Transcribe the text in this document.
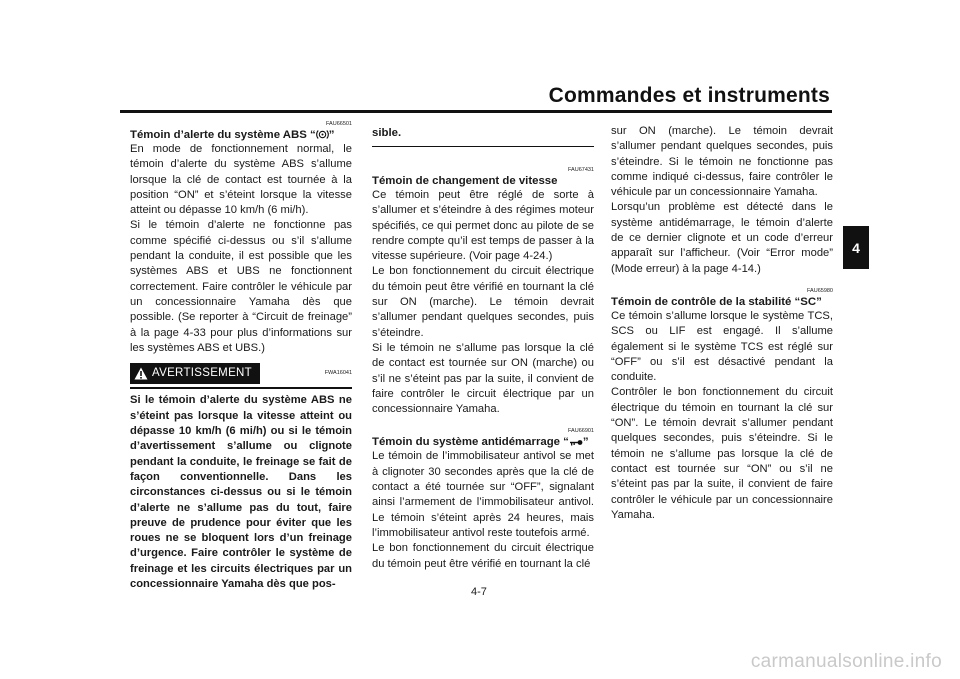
Commandes et instruments
4
FAU66501
Témoin d’alerte du système ABS “ ”

En mode de fonctionnement normal, le témoin d’alerte du système ABS s’allume lorsque la clé de contact est tournée à la position “ON” et s’éteint lorsque la vitesse atteint ou dépasse 10 km/h (6 mi/h).

Si le témoin d’alerte ne fonctionne pas comme spécifié ci-dessus ou s’il s’allume pendant la conduite, il est possible que les systèmes ABS et UBS ne fonctionnent correctement. Faire contrôler le véhicule par un concessionnaire Yamaha dès que possible. (Se reporter à “Circuit de freinage” à la page 4-33 pour plus d’informations sur les systèmes ABS et UBS.)

AVERTISSEMENT	FWA16041

Si le témoin d’alerte du système ABS ne s’éteint pas lorsque la vitesse atteint ou dépasse 10 km/h (6 mi/h) ou si le témoin d’avertissement s’allume ou clignote pendant la conduite, le freinage se fait de façon conventionnelle. Dans les circonstances ci-dessus ou si le témoin d’alerte ne s’allume pas du tout, faire preuve de prudence pour éviter que les roues ne se bloquent lors d’un freinage d’urgence. Faire contrôler le système de freinage et les circuits électriques par un concessionnaire Yamaha dès que pos-

sible.
FAU67431
Témoin de changement de vitesse

Ce témoin peut être réglé de sorte à s’allumer et s’éteindre à des régimes moteur spécifiés, ce qui permet donc au pilote de se rendre compte qu’il est temps de passer à la vitesse supérieure. (Voir page 4-24.)

Le bon fonctionnement du circuit électrique du témoin peut être vérifié en tournant la clé sur ON (marche). Le témoin devrait s’allumer pendant quelques secondes, puis s’éteindre.

Si le témoin ne s’allume pas lorsque la clé de contact est tournée sur ON (marche) ou s’il ne s’éteint pas par la suite, il convient de faire contrôler le circuit électrique par un concessionnaire Yamaha.

FAU66901
Témoin du système antidémarrage “ ”

Le témoin de l’immobilisateur antivol se met à clignoter 30 secondes après que la clé de contact a été tournée sur “OFF”, signalant ainsi l’armement de l’immobilisateur antivol. Le témoin s’éteint après 24 heures, mais l’immobilisateur antivol reste toutefois armé.

Le bon fonctionnement du circuit électrique du témoin peut être vérifié en tournant la clé

sur ON (marche). Le témoin devrait s’allumer pendant quelques secondes, puis s’éteindre. Si le témoin ne fonctionne pas comme indiqué ci-dessus, faire contrôler le véhicule par un concessionnaire Yamaha.

Lorsqu’un problème est détecté dans le système antidémarrage, le témoin d’alerte de ce dernier clignote et un code d’erreur apparaît sur l’afficheur. (Voir “Error mode” (Mode erreur) à la page 4-14.)

FAU65980
Témoin de contrôle de la stabilité “SC”

Ce témoin s’allume lorsque le système TCS, SCS ou LIF est engagé. Il s’allume également si le système TCS est réglé sur “OFF” ou s’il est désactivé pendant la conduite.

Contrôler le bon fonctionnement du circuit électrique du témoin en tournant la clé sur “ON”. Le témoin devrait s’allumer pendant quelques secondes, puis s’éteindre. Si le témoin ne s’allume pas lorsque la clé de contact est tournée sur “ON” ou s’il ne s’éteint pas par la suite, il convient de faire contrôler le véhicule par un concessionnaire Yamaha.

4-7
carmanualsonline.info
